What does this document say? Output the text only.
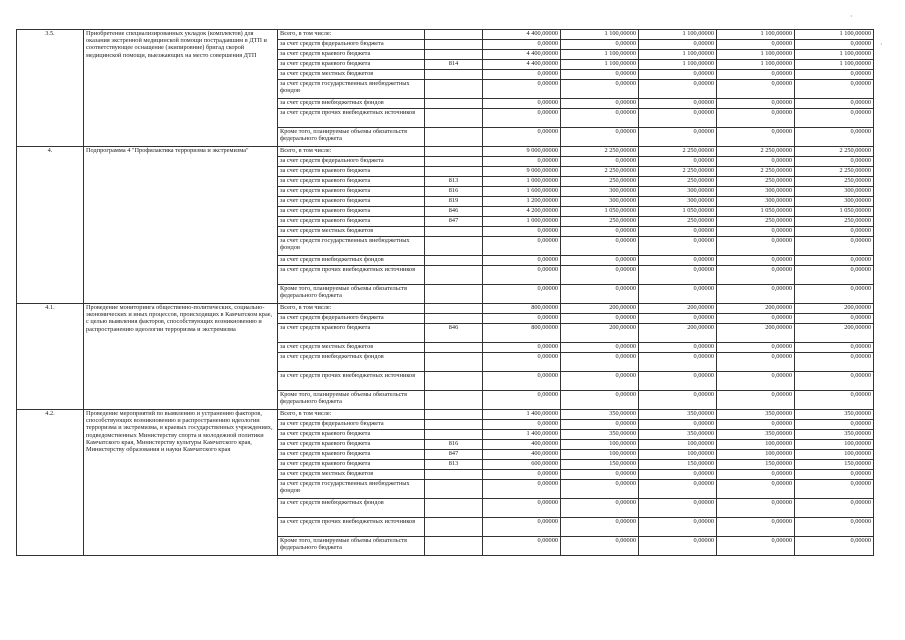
·
·
3.5.	Приобретение специализированных укладок (комплектов) для оказания экстренной медицинской помощи пострадавшим в ДТП и соответствующее оснащение (экипировние) бригад скорой медицинской помощи, выезжающих на место совершения ДТП	Всего, в том числе:		4 400,00000	1 100,00000	1 100,00000	1 100,00000	1 100,00000
		за счет средств федерального бюджета		0,00000	0,00000	0,00000	0,00000	0,00000
		за счет средств краевого бюджета		4 400,00000	1 100,00000	1 100,00000	1 100,00000	1 100,00000
		за счет средств краевого бюджета	814	4 400,00000	1 100,00000	1 100,00000	1 100,00000	1 100,00000
		за счет средств местных бюджетов		0,00000	0,00000	0,00000	0,00000	0,00000
		за счет средств государственных внебюджетных фондов		0,00000	0,00000	0,00000	0,00000	0,00000
		за счет средств внебюджетных фондов		0,00000	0,00000	0,00000	0,00000	0,00000
		за счет средств прочих внебюджетных источников		0,00000	0,00000	0,00000	0,00000	0,00000
		Кроме того, планируемые объемы обязательств федерального бюджета		0,00000	0,00000	0,00000	0,00000	0,00000
4.	Подпрограмма 4 "Профилактика терроризма и экстремизма"	Всего, в том числе:		9 000,00000	2 250,00000	2 250,00000	2 250,00000	2 250,00000
		за счет средств федерального бюджета		0,00000	0,00000	0,00000	0,00000	0,00000
		за счет средств краевого бюджета		9 000,00000	2 250,00000	2 250,00000	2 250,00000	2 250,00000
		за счет средств краевого бюджета	813	1 000,00000	250,00000	250,00000	250,00000	250,00000
		за счет средств краевого бюджета	816	1 600,00000	300,00000	300,00000	300,00000	300,00000
		за счет средств краевого бюджета	819	1 200,00000	300,00000	300,00000	300,00000	300,00000
		за счет средств краевого бюджета	846	4 200,00000	1 050,00000	1 050,00000	1 050,00000	1 050,00000
		за счет средств краевого бюджета	847	1 000,00000	250,00000	250,00000	250,00000	250,00000
		за счет средств местных бюджетов		0,00000	0,00000	0,00000	0,00000	0,00000
		за счет средств государственных внебюджетных фондов		0,00000	0,00000	0,00000	0,00000	0,00000
		за счет средств внебюджетных фондов		0,00000	0,00000	0,00000	0,00000	0,00000
		за счет средств прочих внебюджетных источников		0,00000	0,00000	0,00000	0,00000	0,00000
		Кроме того, планируемые объемы обязательств федерального бюджета		0,00000	0,00000	0,00000	0,00000	0,00000
4.1.	Проведение мониторинга общественно-политических, социально-экономических и иных процессов, происходящих в Камчатском крае, с целью выявления факторов, способствующих возникновению и распространению идеологии терроризма и экстремизма	Всего, в том числе:		800,00000	200,00000	200,00000	200,00000	200,00000
		за счет средств федерального бюджета		0,00000	0,00000	0,00000	0,00000	0,00000
		за счет средств краевого бюджета	846	800,00000	200,00000	200,00000	200,00000	200,00000
		за счет средств местных бюджетов		0,00000	0,00000	0,00000	0,00000	0,00000
		за счет средств внебюджетных фондов		0,00000	0,00000	0,00000	0,00000	0,00000
		за счет средств прочих внебюджетных источников		0,00000	0,00000	0,00000	0,00000	0,00000
		Кроме того, планируемые объемы обязательств федерального бюджета		0,00000	0,00000	0,00000	0,00000	0,00000
4.2.	Проведение мероприятий по выявлению и устранению факторов, способствующих возникновению и распространению идеологии терроризма и экстремизма, в краевых государственных учреждениях, подведомственных Министерству спорта и молодежной политики Камчатского края, Министерству культуры Камчатского края, Министерству образования и науки Камчатского края	Всего, в том числе:		1 400,00000	350,00000	350,00000	350,00000	350,00000
		за счет средств федерального бюджета		0,00000	0,00000	0,00000	0,00000	0,00000
		за счет средств краевого бюджета		1 400,00000	350,00000	350,00000	350,00000	350,00000
		за счет средств краевого бюджета	816	400,00000	100,00000	100,00000	100,00000	100,00000
		за счет средств краевого бюджета	847	400,00000	100,00000	100,00000	100,00000	100,00000
		за счет средств краевого бюджета	813	600,00000	150,00000	150,00000	150,00000	150,00000
		за счет средств местных бюджетов		0,00000	0,00000	0,00000	0,00000	0,00000
		за счет средств государственных внебюджетных фондов		0,00000	0,00000	0,00000	0,00000	0,00000
		за счет средств внебюджетных фондов		0,00000	0,00000	0,00000	0,00000	0,00000
		за счет средств прочих внебюджетных источников		0,00000	0,00000	0,00000	0,00000	0,00000
		Кроме того, планируемые объемы обязательств федерального бюджета		0,00000	0,00000	0,00000	0,00000	0,00000
